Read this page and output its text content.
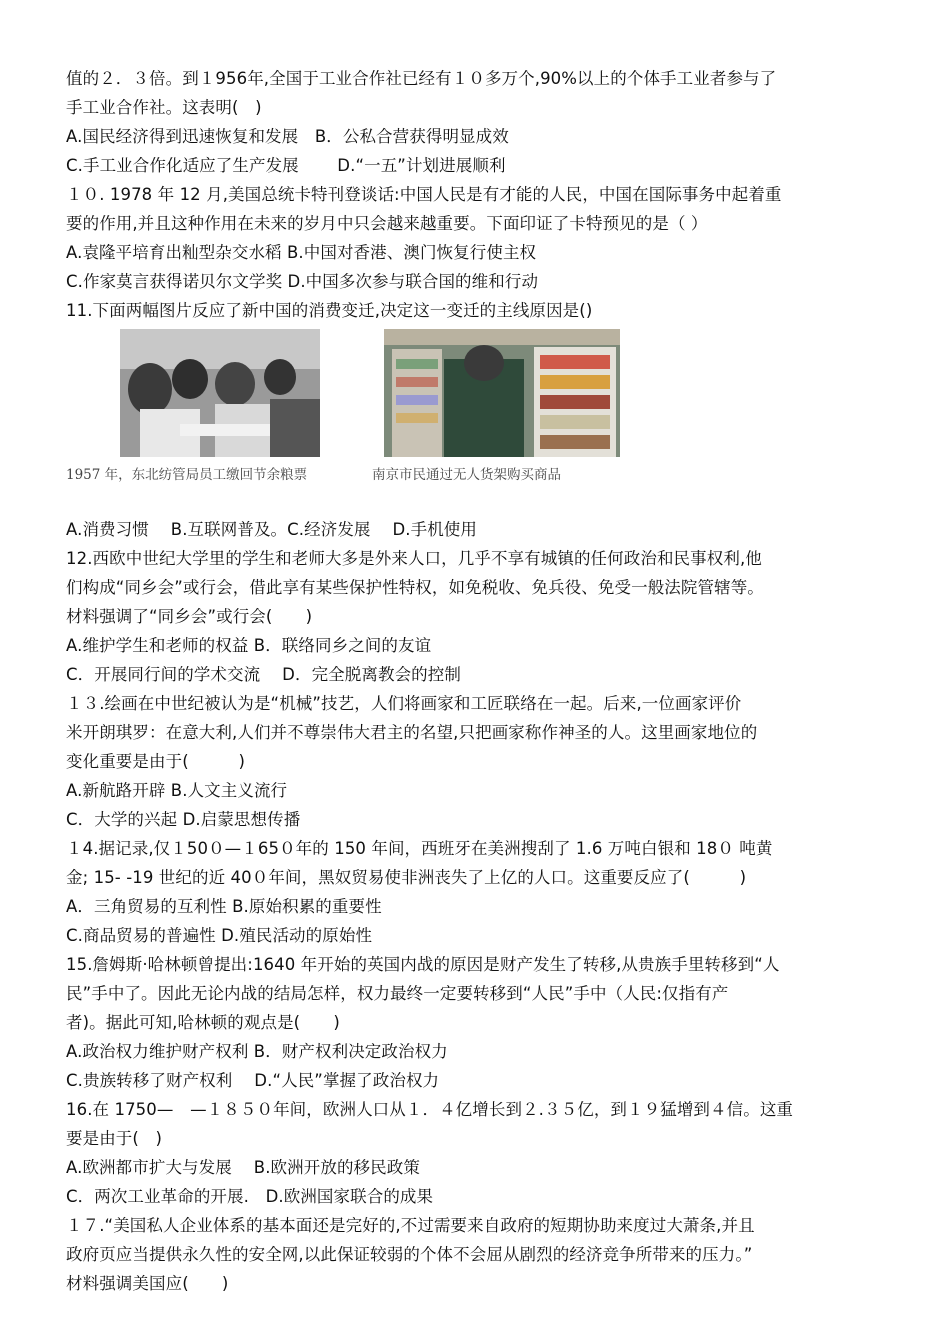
值的２．３倍。到１956年,全国于工业合作社已经有１０多万个,90%以上的个体手工业者参与了
手工业合作社。这表明(　)
A.国民经济得到迅速恢复和发展　B．公私合营获得明显成效
C.手工业合作化适应了生产发展　　 D.“一五”计划进展顺利
１０. 1978 年 12 月,美国总统卡特刊登谈话:中国人民是有才能的人民，中国在国际事务中起着重
要的作用,并且这种作用在未来的岁月中只会越来越重要。下面印证了卡特预见的是（ ）
A.袁隆平培育出籼型杂交水稻 B.中国对香港、澳门恢复行使主权
C.作家莫言获得诺贝尔文学奖 D.中国多次参与联合国的维和行动
11.下面两幅图片反应了新中国的消费变迁,决定这一变迁的主线原因是()
1957 年，东北纺管局员工缴回节余粮票	南京市民通过无人货架购买商品
A.消费习惯　 B.互联网普及。C.经济发展　 D.手机使用
12.西欧中世纪大学里的学生和老师大多是外来人口，几乎不享有城镇的任何政治和民事权利,他
们构成“同乡会”或行会，借此享有某些保护性特权，如免税收、免兵役、免受一般法院管辖等。
材料强调了“同乡会”或行会(　　)
A.维护学生和老师的权益 B．联络同乡之间的友谊
C．开展同行间的学术交流　 D．完全脱离教会的控制
１３.绘画在中世纪被认为是“机械”技艺，人们将画家和工匠联络在一起。后来,一位画家评价
米开朗琪罗：在意大利,人们并不尊崇伟大君主的名望,只把画家称作神圣的人。这里画家地位的
变化重要是由于(　　　)
A.新航路开辟 B.人文主义流行
C．大学的兴起 D.启蒙思想传播
１4.据记录,仅１50０—１65０年的 150 年间，西班牙在美洲搜刮了 1.6 万吨白银和 18０ 吨黄
金; 15- -19 世纪的近 40０年间，黑奴贸易使非洲丧失了上亿的人口。这重要反应了(　　　)
A．三角贸易的互利性 B.原始积累的重要性
C.商品贸易的普遍性 D.殖民活动的原始性
15.詹姆斯·哈林顿曾提出:1640 年开始的英国内战的原因是财产发生了转移,从贵族手里转移到“人
民”手中了。因此无论内战的结局怎样，权力最终一定要转移到“人民”手中（人民:仅指有产
者)。据此可知,哈林顿的观点是(　　)
A.政治权力维护财产权利 B．财产权利决定政治权力
C.贵族转移了财产权利　 D.“人民”掌握了政治权力
16.在 1750—　—１８５０年间，欧洲人口从１．４亿增长到２.３５亿，到１９猛增到４信。这重
要是由于(　)
A.欧洲都市扩大与发展　 B.欧洲开放的移民政策
C．两次工业革命的开展.　D.欧洲国家联合的成果
１７.“美国私人企业体系的基本面还是完好的,不过需要来自政府的短期协助来度过大萧条,并且
政府页应当提供永久性的安全网,以此保证较弱的个体不会屈从剧烈的经济竞争所带来的压力。”
材料强调美国应(　　)
